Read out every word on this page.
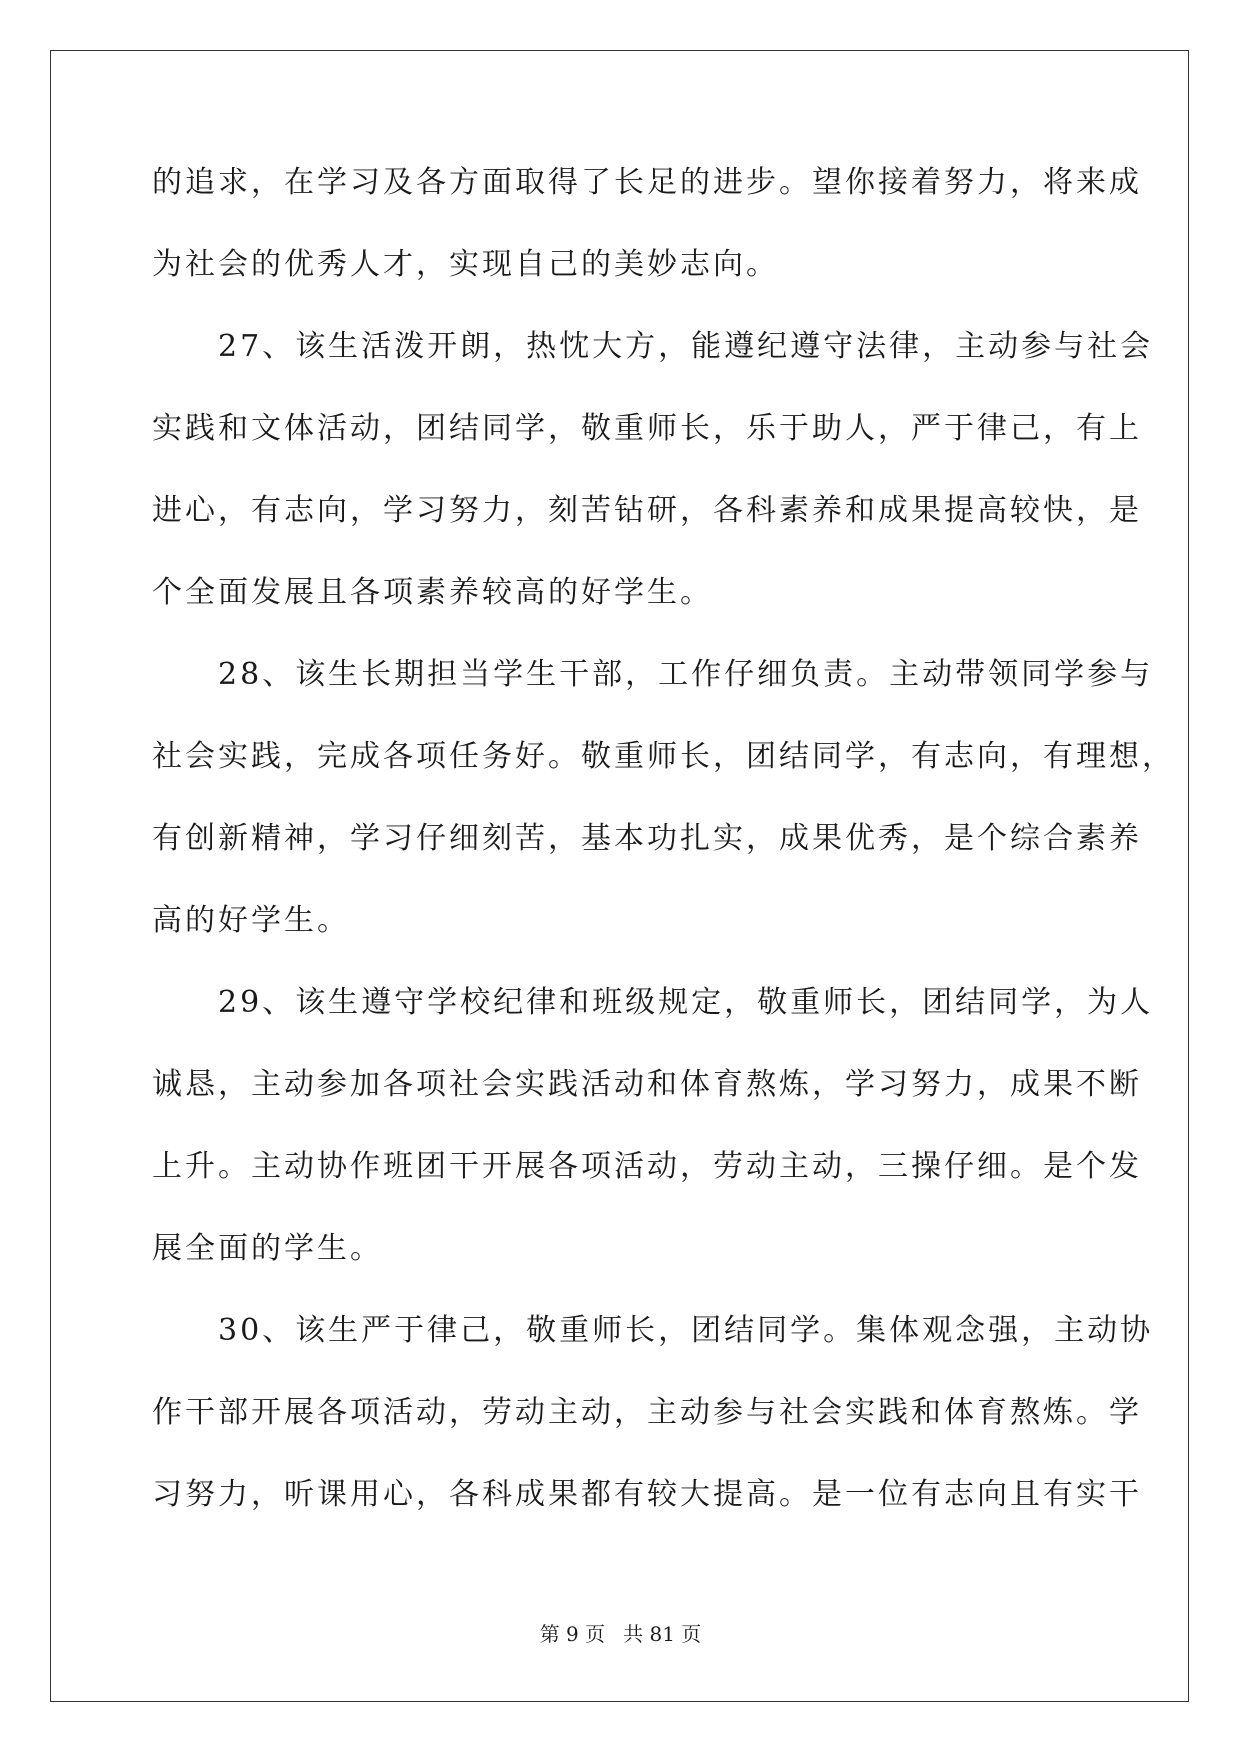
的追求，在学习及各方面取得了长足的进步。望你接着努力，将来成
为社会的优秀人才，实现自己的美妙志向。
　　27、该生活泼开朗，热忱大方，能遵纪遵守法律，主动参与社会
实践和文体活动，团结同学，敬重师长，乐于助人，严于律己，有上
进心，有志向，学习努力，刻苦钻研，各科素养和成果提高较快，是
个全面发展且各项素养较高的好学生。
　　28、该生长期担当学生干部，工作仔细负责。主动带领同学参与
社会实践，完成各项任务好。敬重师长，团结同学，有志向，有理想，
有创新精神，学习仔细刻苦，基本功扎实，成果优秀，是个综合素养
高的好学生。
　　29、该生遵守学校纪律和班级规定，敬重师长，团结同学，为人
诚恳，主动参加各项社会实践活动和体育熬炼，学习努力，成果不断
上升。主动协作班团干开展各项活动，劳动主动，三操仔细。是个发
展全面的学生。
　　30、该生严于律己，敬重师长，团结同学。集体观念强，主动协
作干部开展各项活动，劳动主动，主动参与社会实践和体育熬炼。学
习努力，听课用心，各科成果都有较大提高。是一位有志向且有实干
第 9 页 共 81 页
